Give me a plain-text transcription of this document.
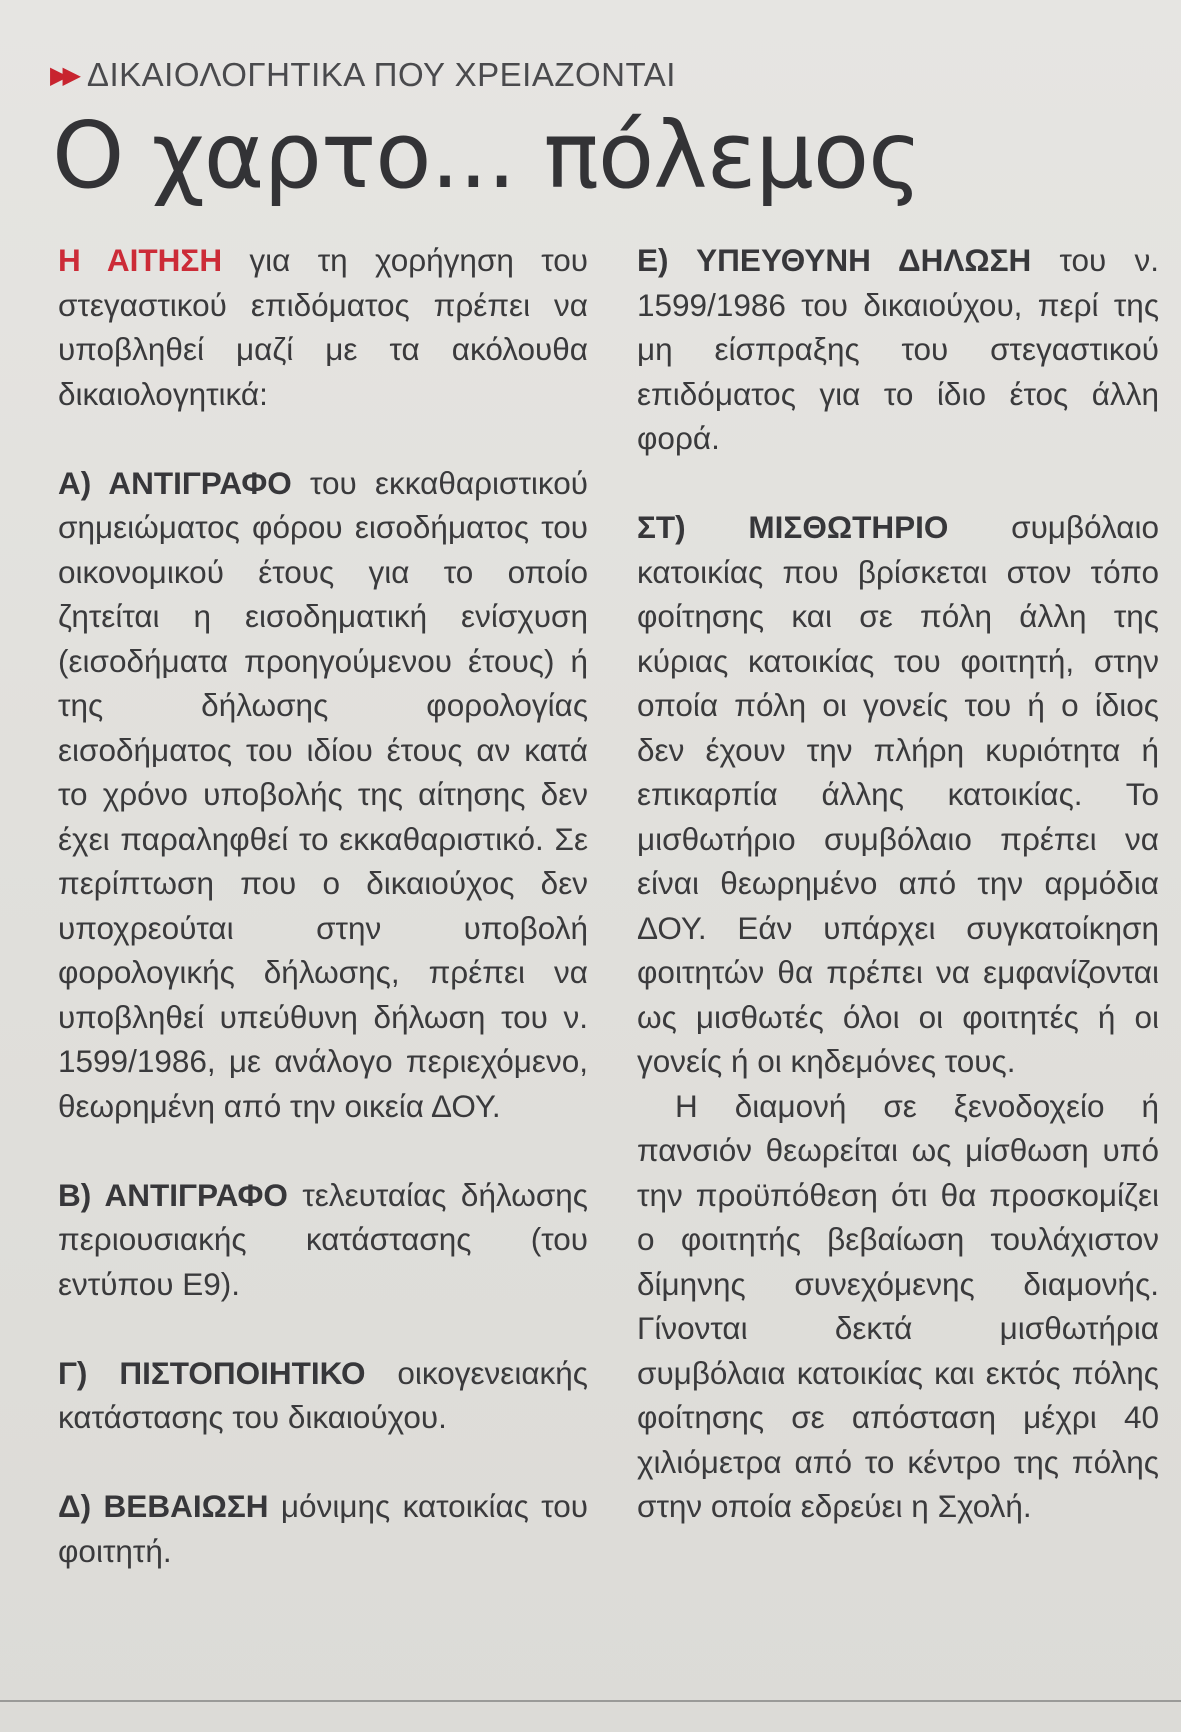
▶▶ ΔΙΚΑΙΟΛΟΓΗΤΙΚΑ ΠΟΥ ΧΡΕΙΑΖΟΝΤΑΙ
Ο χαρτο... πόλεμος

Η ΑΙΤΗΣΗ για τη χορήγηση του στεγαστικού επιδόματος πρέπει να υποβληθεί μαζί με τα ακόλουθα δικαιολογητικά:

Α) ΑΝΤΙΓΡΑΦΟ του εκκαθαριστικού σημειώματος φόρου εισοδήματος του οικονομικού έτους για το οποίο ζητείται η εισοδηματική ενίσχυση (εισοδήματα προηγούμενου έτους) ή της δήλωσης φορολογίας εισοδήματος του ιδίου έτους αν κατά το χρόνο υποβολής της αίτησης δεν έχει παραληφθεί το εκκαθαριστικό. Σε περίπτωση που ο δικαιούχος δεν υποχρεούται στην υποβολή φορολογικής δήλωσης, πρέπει να υποβληθεί υπεύθυνη δήλωση του ν. 1599/1986, με ανάλογο περιεχόμενο, θεωρημένη από την οικεία ΔΟΥ.

Β) ΑΝΤΙΓΡΑΦΟ τελευταίας δήλωσης περιουσιακής κατάστασης (του εντύπου Ε9).

Γ) ΠΙΣΤΟΠΟΙΗΤΙΚΟ οικογενειακής κατάστασης του δικαιούχου.

Δ) ΒΕΒΑΙΩΣΗ μόνιμης κατοικίας του φοιτητή.

Ε) ΥΠΕΥΘΥΝΗ ΔΗΛΩΣΗ του ν. 1599/1986 του δικαιούχου, περί της μη είσπραξης του στεγαστικού επιδόματος για το ίδιο έτος άλλη φορά.

ΣΤ) ΜΙΣΘΩΤΗΡΙΟ συμβόλαιο κατοικίας που βρίσκεται στον τόπο φοίτησης και σε πόλη άλλη της κύριας κατοικίας του φοιτητή, στην οποία πόλη οι γονείς του ή ο ίδιος δεν έχουν την πλήρη κυριότητα ή επικαρπία άλλης κατοικίας. Το μισθωτήριο συμβόλαιο πρέπει να είναι θεωρημένο από την αρμόδια ΔΟΥ. Εάν υπάρχει συγκατοίκηση φοιτητών θα πρέπει να εμφανίζονται ως μισθωτές όλοι οι φοιτητές ή οι γονείς ή οι κηδεμόνες τους.

Η διαμονή σε ξενοδοχείο ή πανσιόν θεωρείται ως μίσθωση υπό την προϋπόθεση ότι θα προσκομίζει ο φοιτητής βεβαίωση τουλάχιστον δίμηνης συνεχόμενης διαμονής. Γίνονται δεκτά μισθωτήρια συμβόλαια κατοικίας και εκτός πόλης φοίτησης σε απόσταση μέχρι 40 χιλιόμετρα από το κέντρο της πόλης στην οποία εδρεύει η Σχολή.
